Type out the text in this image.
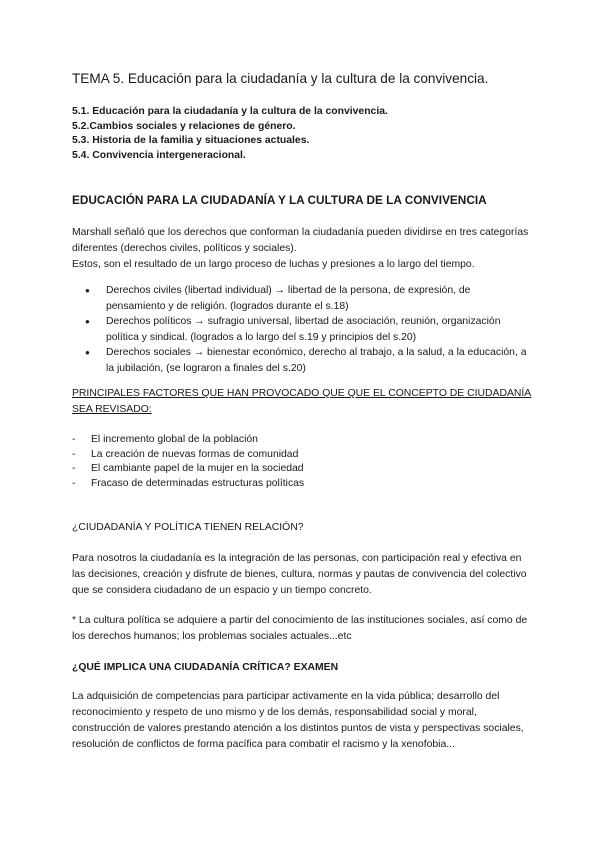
TEMA 5. Educación para la ciudadanía y la cultura de la convivencia.
5.1. Educación para la ciudadanía y la cultura de la convivencia.
5.2.Cambios sociales y relaciones de género.
5.3. Historia de la familia y situaciones actuales.
5.4. Convivencia intergeneracional.
EDUCACIÓN PARA LA CIUDADANÍA Y LA CULTURA DE LA CONVIVENCIA

Marshall señaló que los derechos que conforman la ciudadanía pueden dividirse en tres categorías diferentes (derechos civiles, políticos y sociales).

Estos, son el resultado de un largo proceso de luchas y presiones a lo largo del tiempo.

● Derechos civiles (libertad individual) → libertad de la persona, de expresión, de pensamiento y de religión. (logrados durante el s.18)
● Derechos políticos → sufragio universal, libertad de asociación, reunión, organización política y sindical. (logrados a lo largo del s.19 y principios del s.20)
● Derechos sociales → bienestar económico, derecho al trabajo, a la salud, a la educación, a la jubilación, (se lograron a finales del s.20)
PRINCIPALES FACTORES QUE HAN PROVOCADO QUE QUE EL CONCEPTO DE CIUDADANÍA SEA REVISADO:
- El incremento global de la población
- La creación de nuevas formas de comunidad
- El cambiante papel de la mujer en la sociedad
- Fracaso de determinadas estructuras políticas
¿CIUDADANÍA Y POLÍTICA TIENEN RELACIÓN?

Para nosotros la ciudadanía es la integración de las personas, con participación real y efectiva en las decisiones, creación y disfrute de bienes, cultura, normas y pautas de convivencia del colectivo que se considera ciudadano de un espacio y un tiempo concreto.

* La cultura política se adquiere a partir del conocimiento de las instituciones sociales, así como de los derechos humanos; los problemas sociales actuales...etc

¿QUÉ IMPLICA UNA CIUDADANÍA CRÍTICA? EXAMEN

La adquisición de competencias para participar activamente en la vida pública; desarrollo del reconocimiento y respeto de uno mismo y de los demás, responsabilidad social y moral, construcción de valores prestando atención a los distintos puntos de vista y perspectivas sociales, resolución de conflictos de forma pacífica para combatir el racismo y la xenofobia...
